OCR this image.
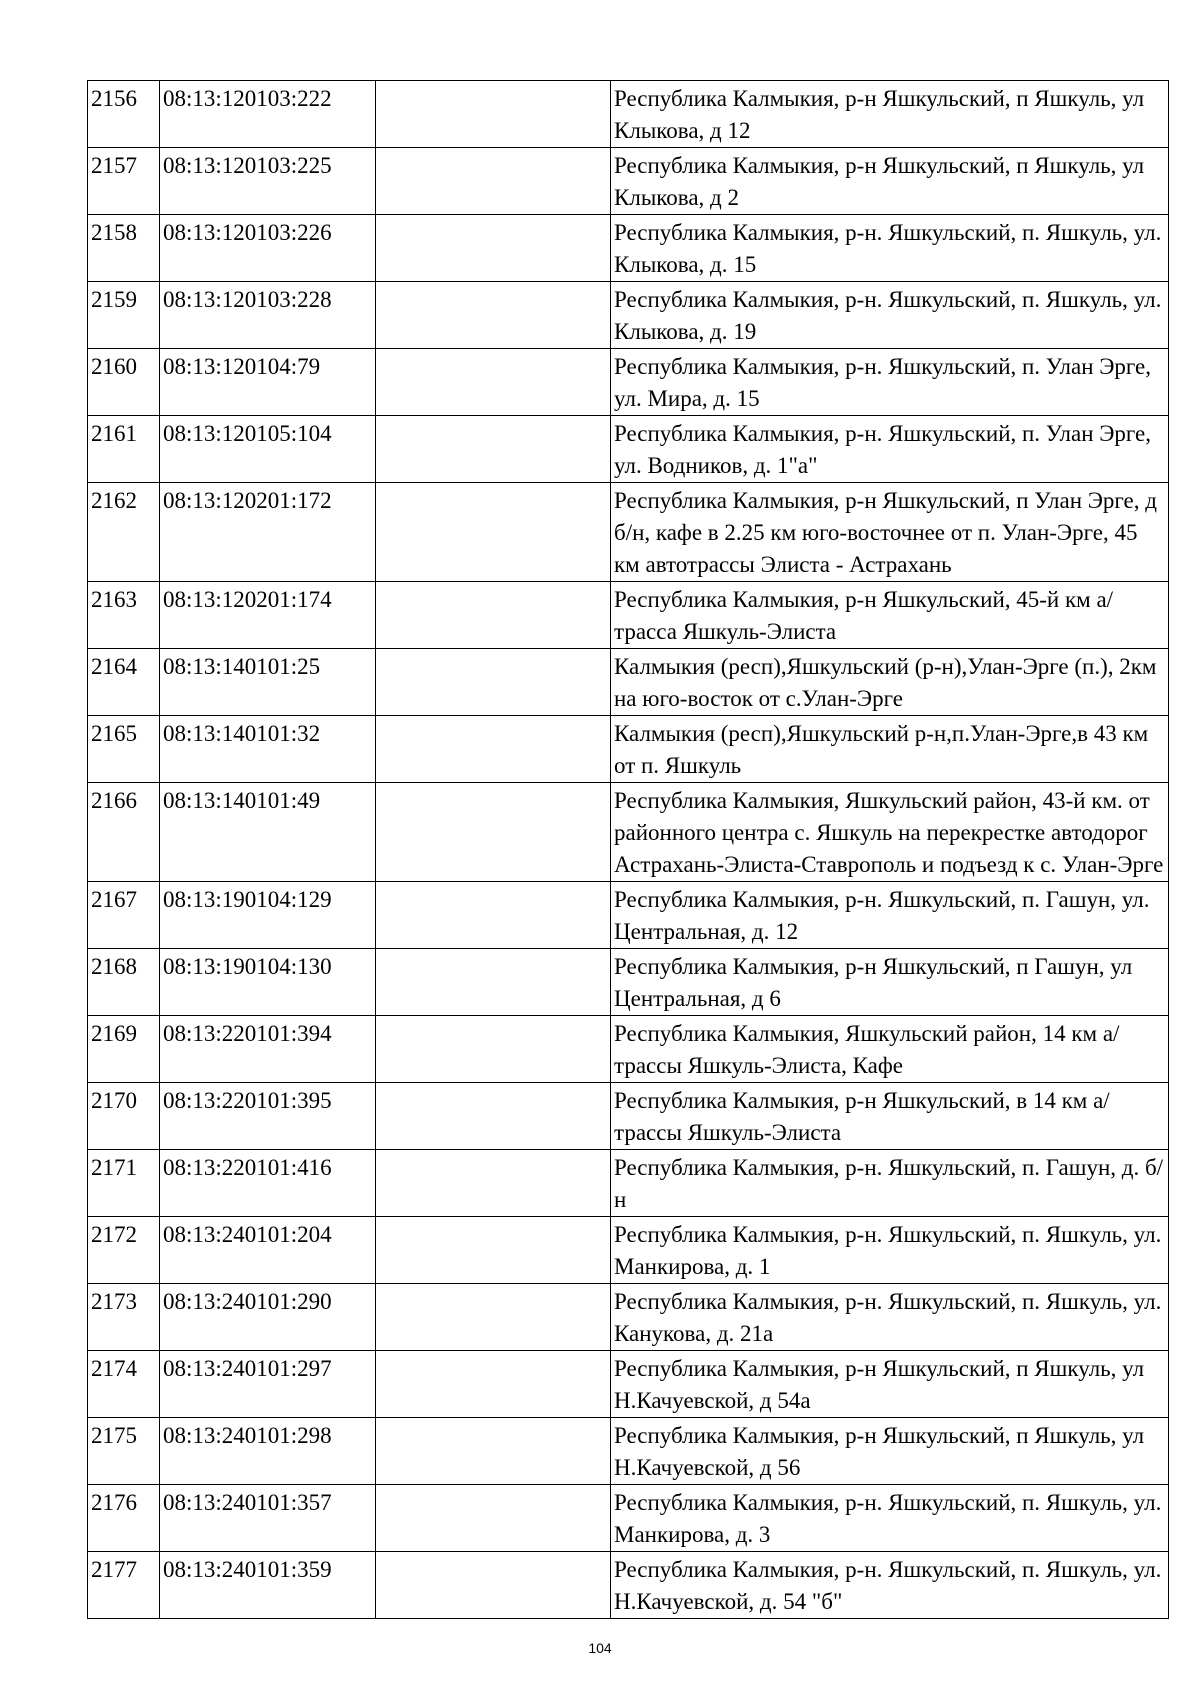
2156	08:13:120103:222		Республика Калмыкия, р-н Яшкульский, п Яшкуль, ул Клыкова, д 12
2157	08:13:120103:225		Республика Калмыкия, р-н Яшкульский, п Яшкуль, ул Клыкова, д 2
2158	08:13:120103:226		Республика Калмыкия, р-н. Яшкульский, п. Яшкуль, ул. Клыкова, д. 15
2159	08:13:120103:228		Республика Калмыкия, р-н. Яшкульский, п. Яшкуль, ул. Клыкова, д. 19
2160	08:13:120104:79		Республика Калмыкия, р-н. Яшкульский, п. Улан Эрге, ул. Мира, д. 15
2161	08:13:120105:104		Республика Калмыкия, р-н. Яшкульский, п. Улан Эрге, ул. Водников, д. 1"а"
2162	08:13:120201:172		Республика Калмыкия, р-н Яшкульский, п Улан Эрге, д б/н, кафе в 2.25 км юго-восточнее от п. Улан-Эрге, 45 км автотрассы Элиста - Астрахань
2163	08:13:120201:174		Республика Калмыкия, р-н Яшкульский, 45-й км а/трасса Яшкуль-Элиста
2164	08:13:140101:25		Калмыкия (респ),Яшкульский (р-н),Улан-Эрге (п.), 2км на юго-восток от с.Улан-Эрге
2165	08:13:140101:32		Калмыкия (респ),Яшкульский р-н,п.Улан-Эрге,в 43 км от п. Яшкуль
2166	08:13:140101:49		Республика Калмыкия, Яшкульский район, 43-й км. от районного центра с. Яшкуль на перекрестке автодорог Астрахань-Элиста-Ставрополь и подъезд к с. Улан-Эрге
2167	08:13:190104:129		Республика Калмыкия, р-н. Яшкульский, п. Гашун, ул. Центральная, д. 12
2168	08:13:190104:130		Республика Калмыкия, р-н Яшкульский, п Гашун, ул Центральная, д 6
2169	08:13:220101:394		Республика Калмыкия, Яшкульский район, 14 км а/трассы Яшкуль-Элиста, Кафе
2170	08:13:220101:395		Республика Калмыкия, р-н Яшкульский, в 14 км а/трассы Яшкуль-Элиста
2171	08:13:220101:416		Республика Калмыкия, р-н. Яшкульский, п. Гашун, д. б/н
2172	08:13:240101:204		Республика Калмыкия, р-н. Яшкульский, п. Яшкуль, ул. Манкирова, д. 1
2173	08:13:240101:290		Республика Калмыкия, р-н. Яшкульский, п. Яшкуль, ул. Канукова, д. 21а
2174	08:13:240101:297		Республика Калмыкия, р-н Яшкульский, п Яшкуль, ул Н.Качуевской, д 54а
2175	08:13:240101:298		Республика Калмыкия, р-н Яшкульский, п Яшкуль, ул Н.Качуевской, д 56
2176	08:13:240101:357		Республика Калмыкия, р-н. Яшкульский, п. Яшкуль, ул. Манкирова, д. 3
2177	08:13:240101:359		Республика Калмыкия, р-н. Яшкульский, п. Яшкуль, ул. Н.Качуевской, д. 54 "б"
104
